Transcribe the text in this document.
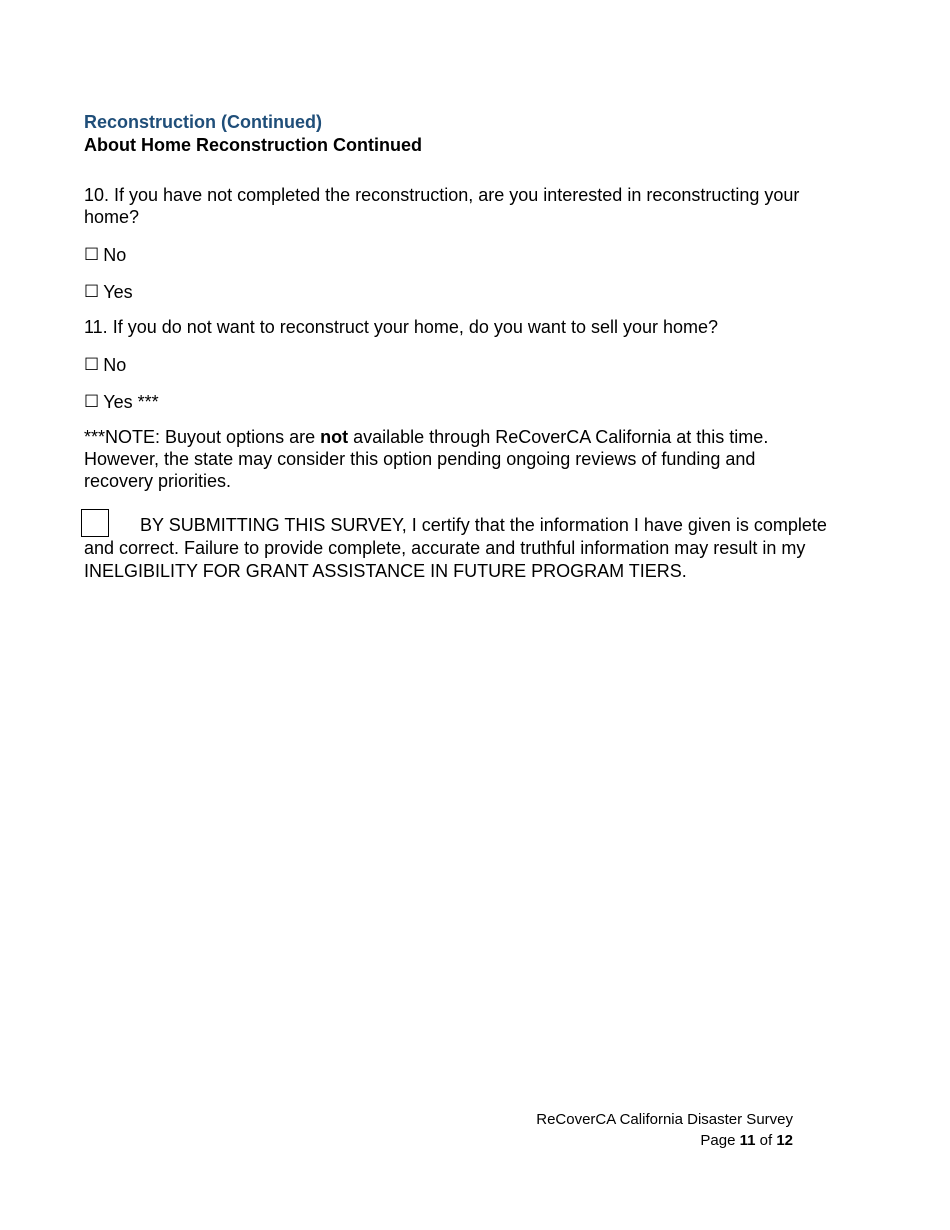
Reconstruction (Continued)

About Home Reconstruction Continued

10. If you have not completed the reconstruction, are you interested in reconstructing your home?

☐ No
☐ Yes

11. If you do not want to reconstruct your home, do you want to sell your home?

☐ No
☐ Yes ***

***NOTE: Buyout options are not available through ReCoverCA California at this time. However, the state may consider this option pending ongoing reviews of funding and recovery priorities.

BY SUBMITTING THIS SURVEY, I certify that the information I have given is complete and correct. Failure to provide complete, accurate and truthful information may result in my INELGIBILITY FOR GRANT ASSISTANCE IN FUTURE PROGRAM TIERS.

ReCoverCA California Disaster Survey
Page 11 of 12
